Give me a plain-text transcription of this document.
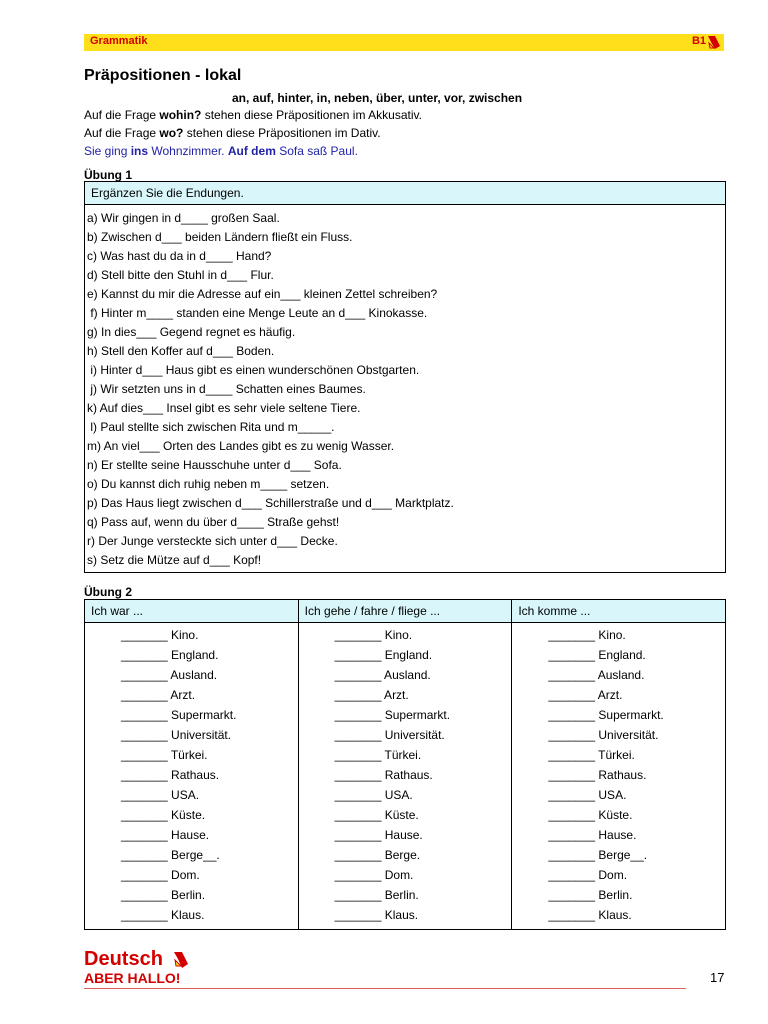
Grammatik	B1
Präpositionen - lokal
an, auf, hinter, in, neben, über, unter, vor, zwischen
Auf die Frage wohin? stehen diese Präpositionen im Akkusativ.
Auf die Frage wo? stehen diese Präpositionen im Dativ.
Sie ging ins Wohnzimmer. Auf dem Sofa saß Paul.
Übung 1
Ergänzen Sie die Endungen.
a) Wir gingen in d____ großen Saal.
b) Zwischen d___ beiden Ländern fließt ein Fluss.
c) Was hast du da in d____ Hand?
d) Stell bitte den Stuhl in d___ Flur.
e) Kannst du mir die Adresse auf ein___ kleinen Zettel schreiben?
f) Hinter m____ standen eine Menge Leute an d___ Kinokasse.
g) In dies___ Gegend regnet es häufig.
h) Stell den Koffer auf d___ Boden.
i) Hinter d___ Haus gibt es einen wunderschönen Obstgarten.
j) Wir setzten uns in d____ Schatten eines Baumes.
k) Auf dies___ Insel gibt es sehr viele seltene Tiere.
l) Paul stellte sich zwischen Rita und m_____.
m) An viel___ Orten des Landes gibt es zu wenig Wasser.
n) Er stellte seine Hausschuhe unter d___ Sofa.
o) Du kannst dich ruhig neben m____ setzen.
p) Das Haus liegt zwischen d___ Schillerstraße und d___ Marktplatz.
q) Pass auf, wenn du über d____ Straße gehst!
r) Der Junge versteckte sich unter d___ Decke.
s) Setz die Mütze auf d___ Kopf!
Übung 2
Ich war ...
_______ Kino.
_______ England.
_______ Ausland.
_______ Arzt.
_______ Supermarkt.
_______ Universität.
_______ Türkei.
_______ Rathaus.
_______ USA.
_______ Küste.
_______ Hause.
_______ Berge__.
_______ Dom.
_______ Berlin.
_______ Klaus.
Ich gehe / fahre / fliege ...
_______ Kino.
_______ England.
_______ Ausland.
_______ Arzt.
_______ Supermarkt.
_______ Universität.
_______ Türkei.
_______ Rathaus.
_______ USA.
_______ Küste.
_______ Hause.
_______ Berge.
_______ Dom.
_______ Berlin.
_______ Klaus.
Ich komme ...
_______ Kino.
_______ England.
_______ Ausland.
_______ Arzt.
_______ Supermarkt.
_______ Universität.
_______ Türkei.
_______ Rathaus.
_______ USA.
_______ Küste.
_______ Hause.
_______ Berge__.
_______ Dom.
_______ Berlin.
_______ Klaus.
Deutsch
ABER HALLO!	17
